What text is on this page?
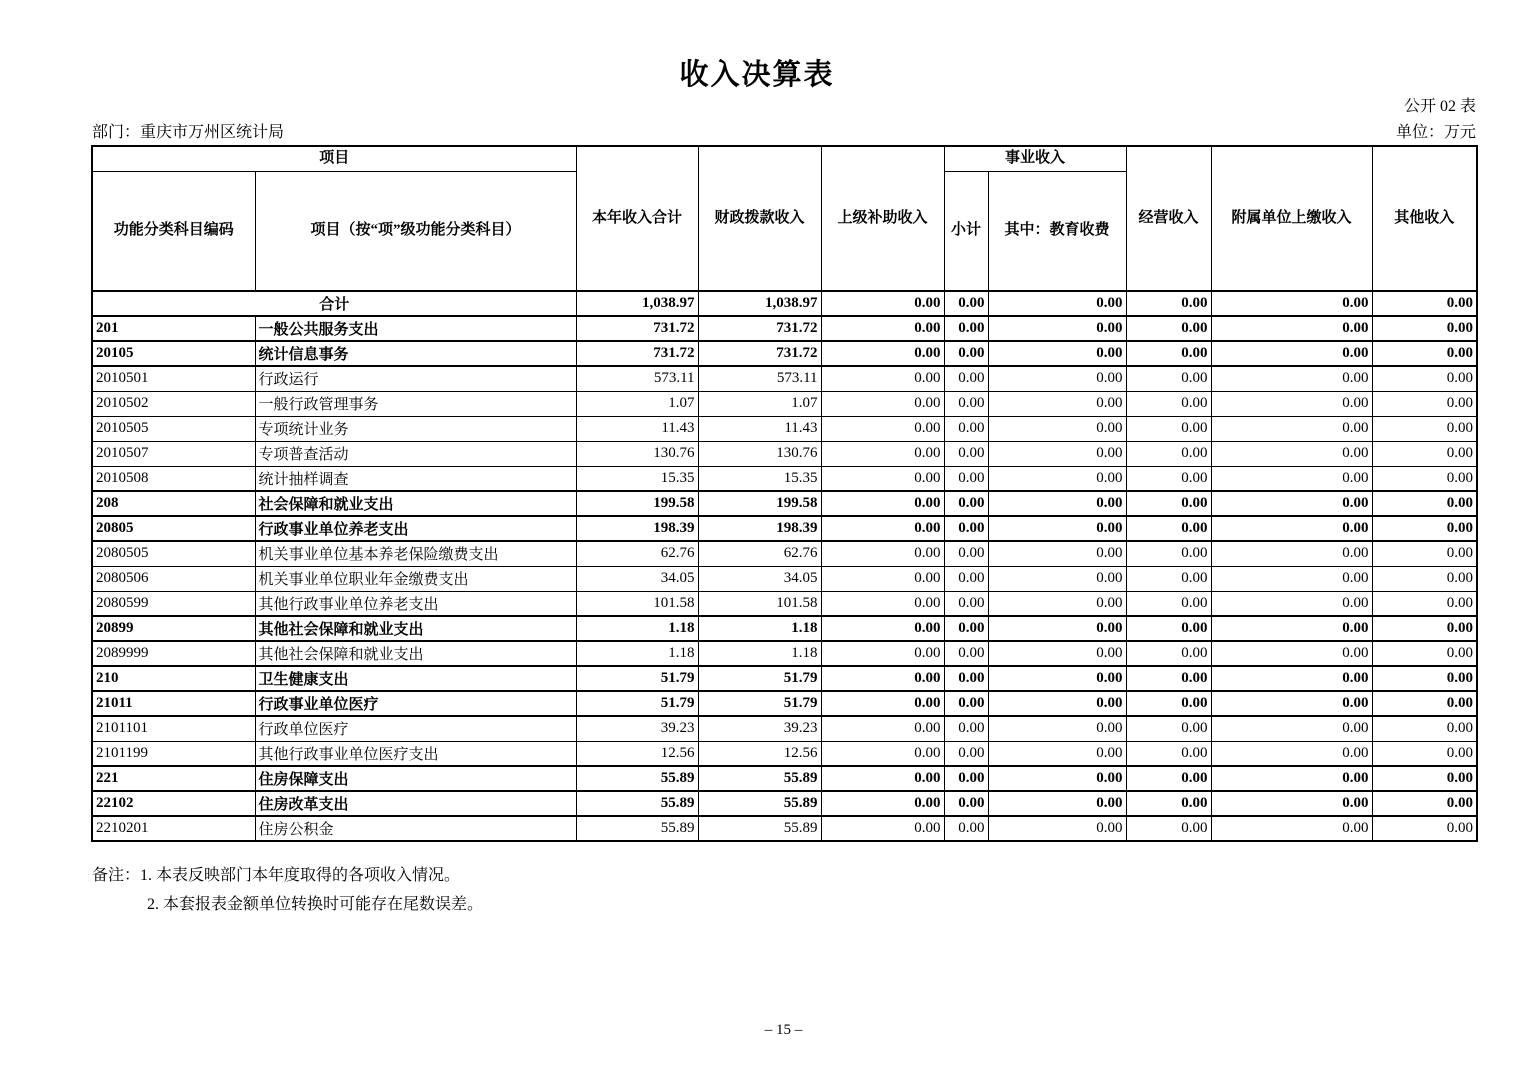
收入决算表
公开 02 表
部门：重庆市万州区统计局	单位：万元
项目		本年收入合计	财政拨款收入	上级补助收入	事业收入		经营收入	附属单位上缴收入	其他收入
功能分类科目编码	项目（按“项”级功能分类科目）				小计	其中：教育收费			
合计		1,038.97	1,038.97	0.00	0.00	0.00	0.00	0.00	0.00
201	一般公共服务支出	731.72	731.72	0.00	0.00	0.00	0.00	0.00	0.00
20105	统计信息事务	731.72	731.72	0.00	0.00	0.00	0.00	0.00	0.00
2010501	行政运行	573.11	573.11	0.00	0.00	0.00	0.00	0.00	0.00
2010502	一般行政管理事务	1.07	1.07	0.00	0.00	0.00	0.00	0.00	0.00
2010505	专项统计业务	11.43	11.43	0.00	0.00	0.00	0.00	0.00	0.00
2010507	专项普查活动	130.76	130.76	0.00	0.00	0.00	0.00	0.00	0.00
2010508	统计抽样调查	15.35	15.35	0.00	0.00	0.00	0.00	0.00	0.00
208	社会保障和就业支出	199.58	199.58	0.00	0.00	0.00	0.00	0.00	0.00
20805	行政事业单位养老支出	198.39	198.39	0.00	0.00	0.00	0.00	0.00	0.00
2080505	机关事业单位基本养老保险缴费支出	62.76	62.76	0.00	0.00	0.00	0.00	0.00	0.00
2080506	机关事业单位职业年金缴费支出	34.05	34.05	0.00	0.00	0.00	0.00	0.00	0.00
2080599	其他行政事业单位养老支出	101.58	101.58	0.00	0.00	0.00	0.00	0.00	0.00
20899	其他社会保障和就业支出	1.18	1.18	0.00	0.00	0.00	0.00	0.00	0.00
2089999	其他社会保障和就业支出	1.18	1.18	0.00	0.00	0.00	0.00	0.00	0.00
210	卫生健康支出	51.79	51.79	0.00	0.00	0.00	0.00	0.00	0.00
21011	行政事业单位医疗	51.79	51.79	0.00	0.00	0.00	0.00	0.00	0.00
2101101	行政单位医疗	39.23	39.23	0.00	0.00	0.00	0.00	0.00	0.00
2101199	其他行政事业单位医疗支出	12.56	12.56	0.00	0.00	0.00	0.00	0.00	0.00
221	住房保障支出	55.89	55.89	0.00	0.00	0.00	0.00	0.00	0.00
22102	住房改革支出	55.89	55.89	0.00	0.00	0.00	0.00	0.00	0.00
2210201	住房公积金	55.89	55.89	0.00	0.00	0.00	0.00	0.00	0.00
备注：1. 本表反映部门本年度取得的各项收入情况。
2. 本套报表金额单位转换时可能存在尾数误差。
– 15 –
